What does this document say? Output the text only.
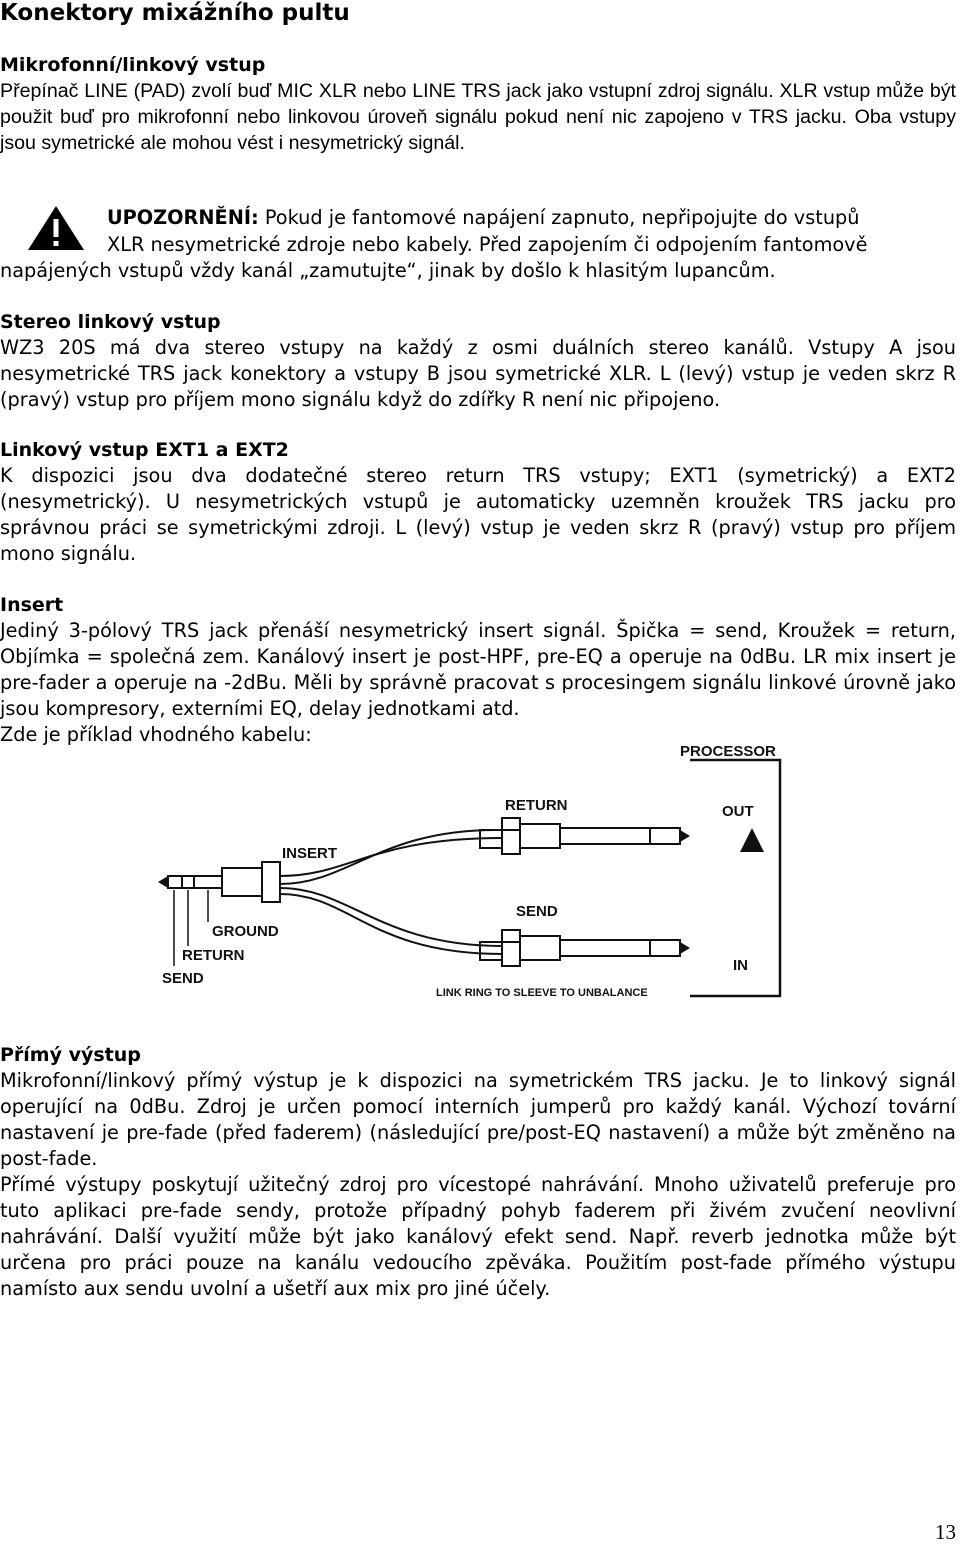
Konektory mixážního pultu

Mikrofonní/linkový vstup

Přepínač LINE (PAD) zvolí buď MIC XLR nebo LINE TRS jack jako vstupní zdroj signálu. XLR vstup může být použit buď pro mikrofonní nebo linkovou úroveň signálu pokud není nic zapojeno v TRS jacku. Oba vstupy jsou symetrické ale mohou vést i nesymetrický signál.

UPOZORNĚNÍ: Pokud je fantomové napájení zapnuto, nepřipojujte do vstupů

XLR nesymetrické zdroje nebo kabely. Před zapojením či odpojením fantomově napájených vstupů vždy kanál „zamutujte“, jinak by došlo k hlasitým lupancům.

Stereo linkový vstup

WZ3 20S má dva stereo vstupy na každý z osmi duálních stereo kanálů. Vstupy A jsou nesymetrické TRS jack konektory a vstupy B jsou symetrické XLR. L (levý) vstup je veden skrz R (pravý) vstup pro příjem mono signálu když do zdířky R není nic připojeno.

Linkový vstup EXT1 a EXT2

K dispozici jsou dva dodatečné stereo return TRS vstupy; EXT1 (symetrický) a EXT2 (nesymetrický). U nesymetrických vstupů je automaticky uzemněn kroužek TRS jacku pro správnou práci se symetrickými zdroji. L (levý) vstup je veden skrz R (pravý) vstup pro příjem mono signálu.

Insert

Jediný 3-pólový TRS jack přenáší nesymetrický insert signál. Špička = send, Kroužek = return, Objímka = společná zem. Kanálový insert je post-HPF, pre-EQ a operuje na 0dBu. LR mix insert je pre-fader a operuje na -2dBu. Měli by správně pracovat s procesingem signálu linkové úrovně jako jsou kompresory, externími EQ, delay jednotkami atd.

Zde je příklad vhodného kabelu:

PROCESSOR
OUT
IN
RETURN
SEND
INSERT
GROUND
RETURN
SEND
LINK RING TO SLEEVE TO UNBALANCE

Přímý výstup

Mikrofonní/linkový přímý výstup je k dispozici na symetrickém TRS jacku. Je to linkový signál operující na 0dBu. Zdroj je určen pomocí interních jumperů pro každý kanál. Výchozí tovární nastavení je pre-fade (před faderem) (následující pre/post-EQ nastavení) a může být změněno na post-fade.

Přímé výstupy poskytují užitečný zdroj pro vícestopé nahrávání. Mnoho uživatelů preferuje pro tuto aplikaci pre-fade sendy, protože případný pohyb faderem při živém zvučení neovlivní nahrávání. Další využití může být jako kanálový efekt send. Např. reverb jednotka může být určena pro práci pouze na kanálu vedoucího zpěváka. Použitím post-fade přímého výstupu namísto aux sendu uvolní a ušetří aux mix pro jiné účely.

13
